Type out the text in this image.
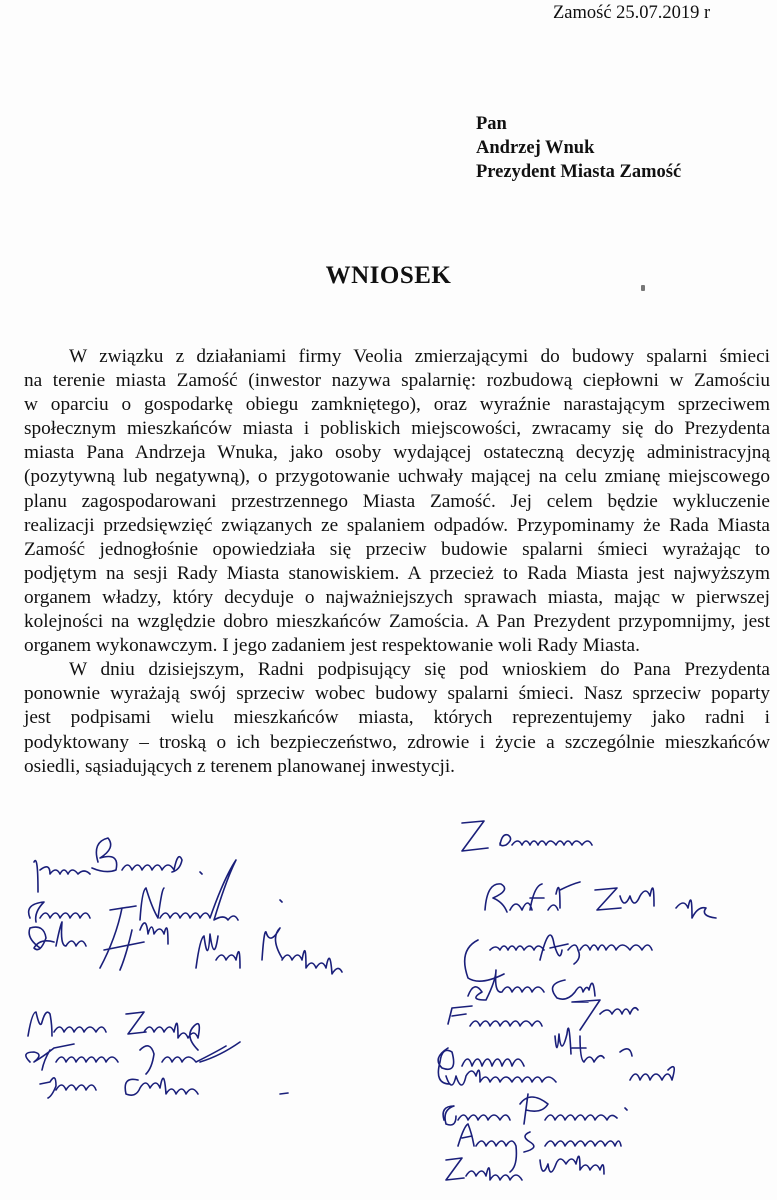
Zamość 25.07.2019 r
Pan
Andrzej Wnuk
Prezydent Miasta Zamość
WNIOSEK

W związku z działaniami firmy Veolia zmierzającymi do budowy spalarni śmieci
na terenie miasta Zamość (inwestor nazywa spalarnię: rozbudową ciepłowni w Zamościu
w oparciu o gospodarkę obiegu zamkniętego), oraz wyraźnie narastającym sprzeciwem
społecznym mieszkańców miasta i pobliskich miejscowości, zwracamy się do Prezydenta
miasta Pana Andrzeja Wnuka, jako osoby wydającej ostateczną decyzję administracyjną
(pozytywną lub negatywną), o przygotowanie uchwały mającej na celu zmianę miejscowego
planu zagospodarowani przestrzennego Miasta Zamość. Jej celem będzie wykluczenie
realizacji przedsięwzięć związanych ze spalaniem odpadów. Przypominamy że Rada Miasta
Zamość jednogłośnie opowiedziała się przeciw budowie spalarni śmieci wyrażając to
podjętym na sesji Rady Miasta stanowiskiem. A przecież to Rada Miasta jest najwyższym
organem władzy, który decyduje o najważniejszych sprawach miasta, mając w pierwszej
kolejności na względzie dobro mieszkańców Zamościa. A Pan Prezydent przypomnijmy, jest
organem wykonawczym. I jego zadaniem jest respektowanie woli Rady Miasta.

W dniu dzisiejszym, Radni podpisujący się pod wnioskiem do Pana Prezydenta
ponownie wyrażają swój sprzeciw wobec budowy spalarni śmieci. Nasz sprzeciw poparty
jest podpisami wielu mieszkańców miasta, których reprezentujemy jako radni i
podyktowany – troską o ich bezpieczeństwo, zdrowie i życie a szczególnie mieszkańców
osiedli, sąsiadujących z terenem planowanej inwestycji.
